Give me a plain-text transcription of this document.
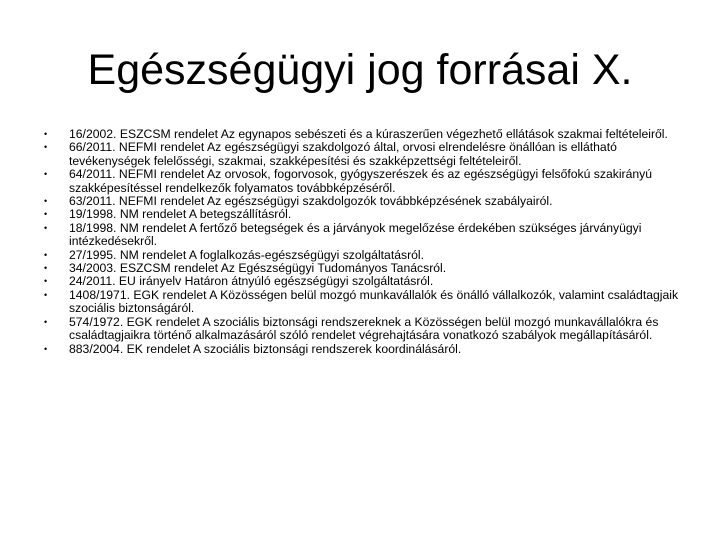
Egészségügyi jog forrásai X.
• 16/2002. ESZCSM rendelet Az egynapos sebészeti és a kúraszerűen végezhető ellátások szakmai feltételeiről.
• 66/2011. NEFMI rendelet Az egészségügyi szakdolgozó által, orvosi elrendelésre önállóan is ellátható tevékenységek felelősségi, szakmai, szakképesítési és szakképzettségi feltételeiről.
• 64/2011. NEFMI rendelet Az orvosok, fogorvosok, gyógyszerészek és az egészségügyi felsőfokú szakirányú szakképesítéssel rendelkezők folyamatos továbbképzéséről.
• 63/2011. NEFMI rendelet Az egészségügyi szakdolgozók továbbképzésének szabályairól.
• 19/1998. NM rendelet A betegszállításról.
• 18/1998. NM rendelet A fertőző betegségek és a járványok megelőzése érdekében szükséges járványügyi intézkedésekről.
• 27/1995. NM rendelet A foglalkozás-egészségügyi szolgáltatásról.
• 34/2003. ESZCSM rendelet Az Egészségügyi Tudományos Tanácsról.
• 24/2011. EU irányelv Határon átnyúló egészségügyi szolgáltatásról.
• 1408/1971. EGK rendelet A Közösségen belül mozgó munkavállalók és önálló vállalkozók, valamint családtagjaik szociális biztonságáról.
• 574/1972. EGK rendelet A szociális biztonsági rendszereknek a Közösségen belül mozgó munkavállalókra és családtagjaikra történő alkalmazásáról szóló rendelet végrehajtására vonatkozó szabályok megállapításáról.
• 883/2004. EK rendelet A szociális biztonsági rendszerek koordinálásáról.
